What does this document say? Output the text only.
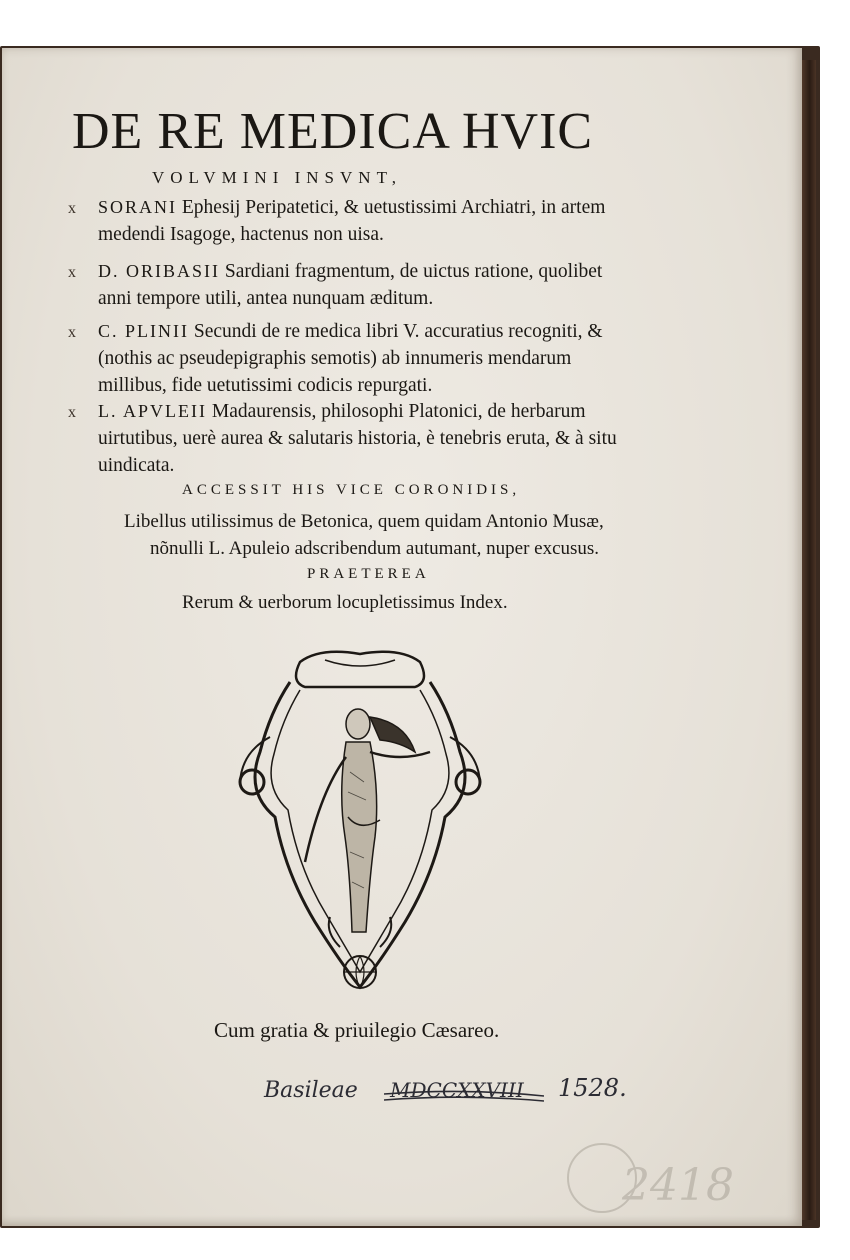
DE RE MEDICA HVIC
VOLVMINI INSVNT,
x SORANI Ephesij Peripatetici, & uetustissimi Archiatri, in artem medendi Isagoge, hactenus non uisa.
x D. ORIBASII Sardiani fragmentum, de uictus ratione, quolibet anni tempore utili, antea nunquam æditum.
x C. PLINII Secundi de re medica libri V. accuratius recogniti, & (nothis ac pseudepigraphis semotis) ab innumeris mendarum millibus, fide uetutissimi codicis repurgati.
x L. APVLEII Madaurensis, philosophi Platonici, de herbarum uirtutibus, uerè aurea & salutaris historia, è tenebris eruta, & à situ uindicata.
ACCESSIT HIS VICE CORONIDIS,
Libellus utilissimus de Betonica, quem quidam Antonio Musæ,
nõnulli L. Apuleio adscribendum autumant, nuper excusus.
PRAETEREA
Rerum & uerborum locupletissimus Index.
Cum gratia & priuilegio Cæsareo.
Basileae MDCCXXVIII 1528.
2418
